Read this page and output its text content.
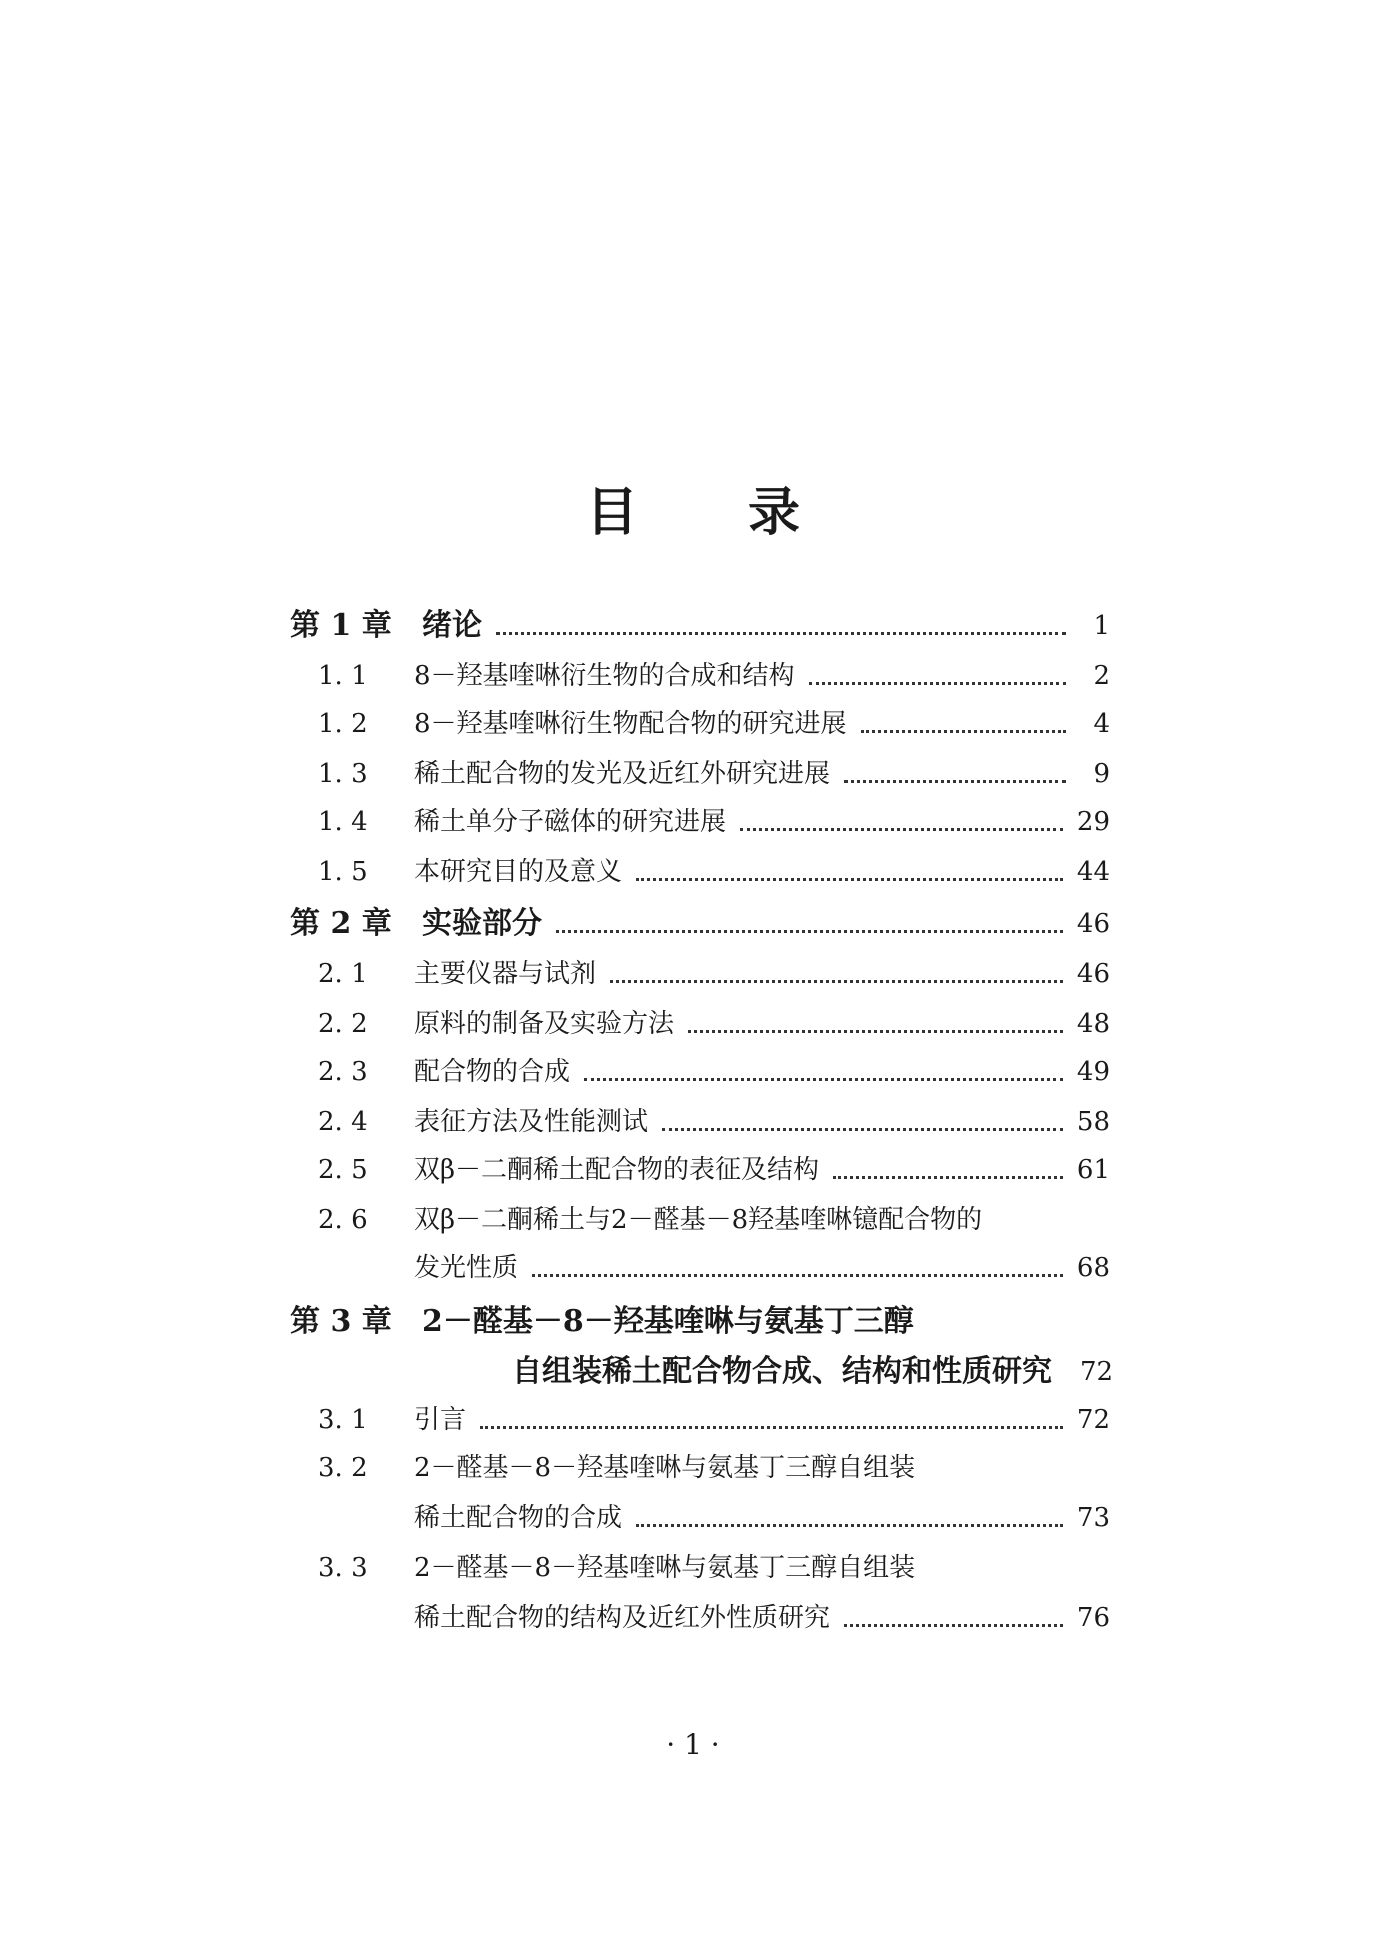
目 录
第 1 章	绪论	1
1. 1	8－羟基喹啉衍生物的合成和结构	2
1. 2	8－羟基喹啉衍生物配合物的研究进展	4
1. 3	稀土配合物的发光及近红外研究进展	9
1. 4	稀土单分子磁体的研究进展	29
1. 5	本研究目的及意义	44
第 2 章	实验部分	46
2. 1	主要仪器与试剂	46
2. 2	原料的制备及实验方法	48
2. 3	配合物的合成	49
2. 4	表征方法及性能测试	58
2. 5	双β－二酮稀土配合物的表征及结构	61
2. 6	双β－二酮稀土与2－醛基－8羟基喹啉镱配合物的
发光性质	68
第 3 章	2－醛基－8－羟基喹啉与氨基丁三醇
自组装稀土配合物合成、结构和性质研究 72
3. 1	引言	72
3. 2	2－醛基－8－羟基喹啉与氨基丁三醇自组装
稀土配合物的合成	73
3. 3	2－醛基－8－羟基喹啉与氨基丁三醇自组装
稀土配合物的结构及近红外性质研究	76
· 1 ·
